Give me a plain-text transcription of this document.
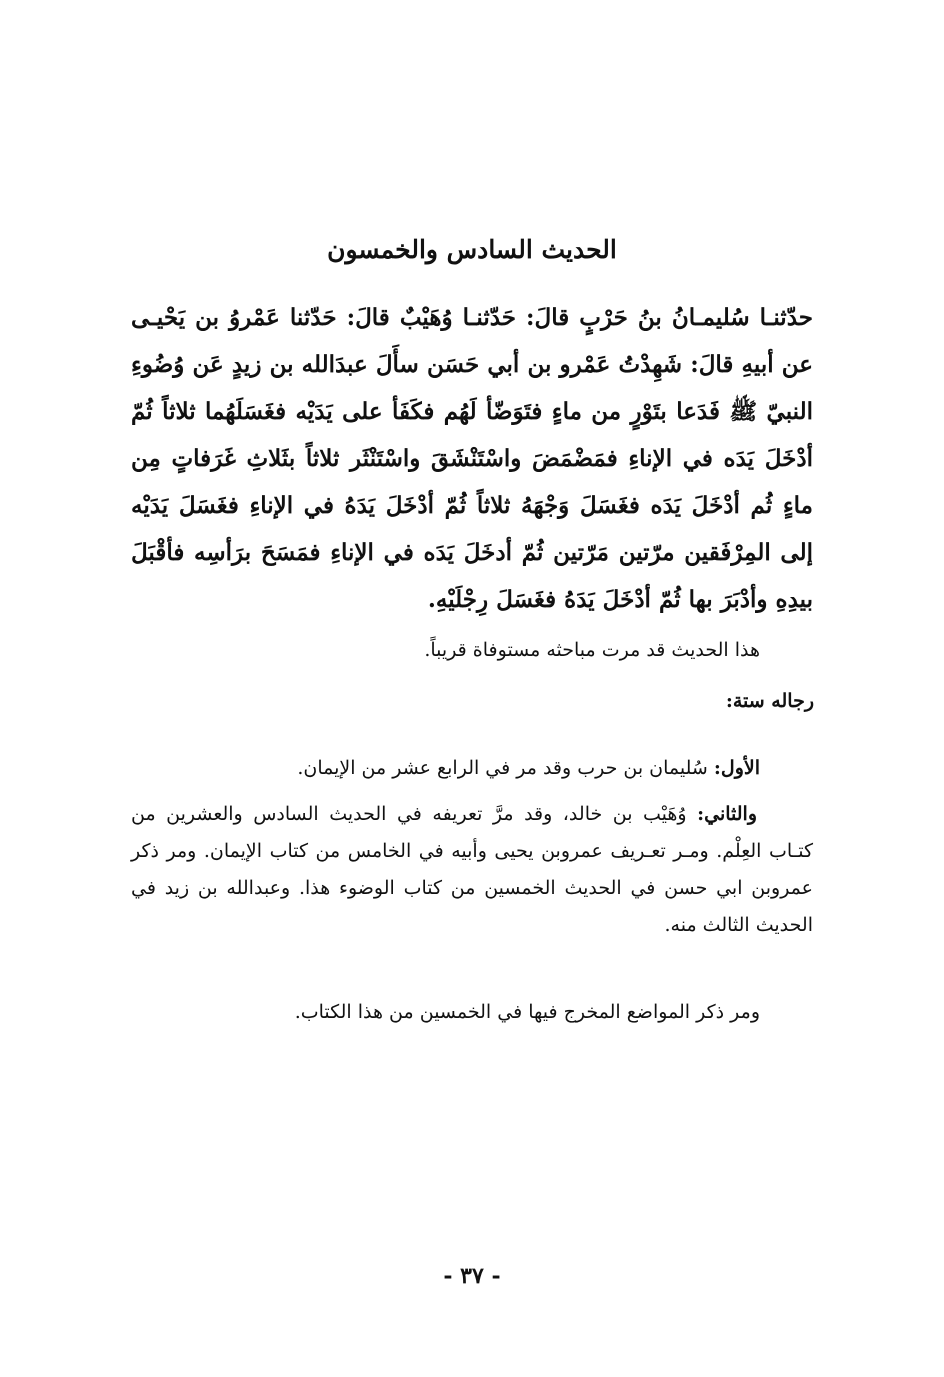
الحديث السادس والخمسون
حدّثنـا سُليمـانُ بنُ حَرْبٍ قالَ: حَدّثنـا وُهَيْبٌ قالَ: حَدّثنا عَمْروُ بن يَحْيـى عن أبيهِ قالَ: شَهِدْتُ عَمْرو بن أبي حَسَن سأَلَ عبدَالله بن زيدٍ عَن وُضُوءِ النبيّ ﷺ فَدَعا بتَوْرٍ من ماءٍ فتَوَضّأ لَهُم فكَفَأ على يَدَيْه فغَسَلَهُما ثلاثاً ثُمّ أدْخَلَ يَدَه في الإناءِ فمَضْمَضَ واسْتَنْشَقَ واسْتَنْثَر ثلاثاً بثَلاثِ غَرَفاتٍ مِن ماءٍ ثُم أدْخَلَ يَدَه فغَسَلَ وَجْهَهُ ثلاثاً ثُمّ أدْخَلَ يَدَهُ في الإناءِ فغَسَلَ يَدَيْه إلى المِرْفَقين مرّتين مَرّتين ثُمّ أدخَلَ يَدَه في الإناءِ فمَسَحَ برَأسِه فأقْبَلَ بيدِهِ وأدْبَرَ بها ثُمّ أدْخَلَ يَدَهُ فغَسَلَ رِجْلَيْهِ.
هذا الحديث قد مرت مباحثه مستوفاة قريباً.
رجاله ستة:
الأول: سُليمان بن حرب وقد مر في الرابع عشر من الإيمان.
والثاني: وُهَيْب بن خالد، وقد مرَّ تعريفه في الحديث السادس والعشرين من كتـاب العِلْم. ومـر تعـريف عمروبن يحيى وأبيه في الخامس من كتاب الإيمان. ومر ذكر عمروبن ابي حسن في الحديث الخمسين من كتاب الوضوء هذا. وعبدالله بن زيد في الحديث الثالث منه.
ومر ذكر المواضع المخرج فيها في الخمسين من هذا الكتاب.
- ٣٧ -
